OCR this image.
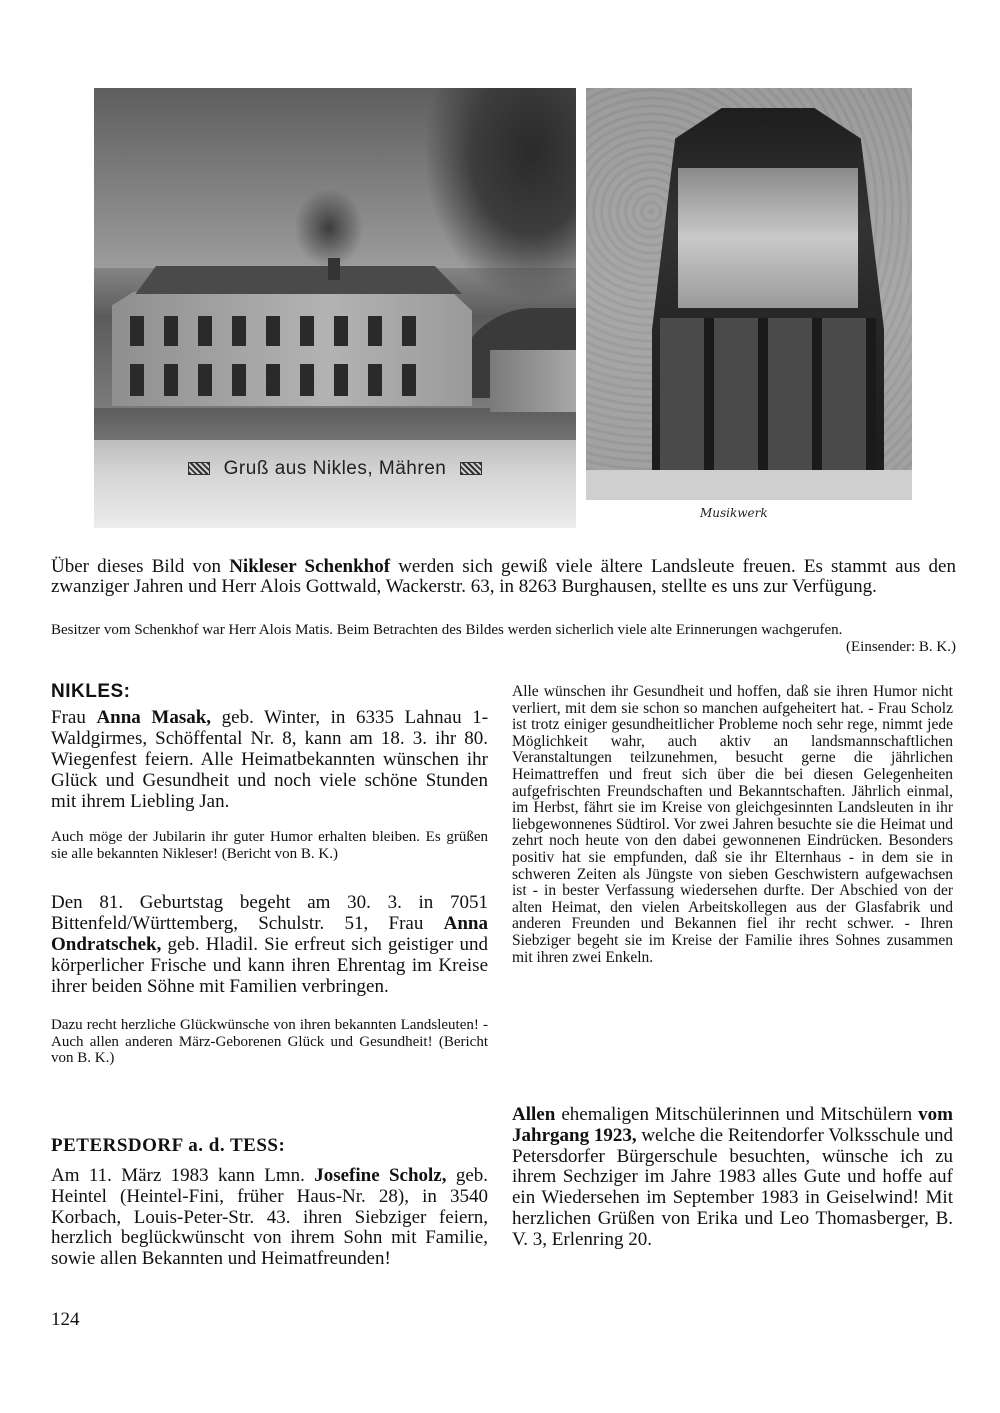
Gruß aus Nikles, Mähren
Musikwerk
Über dieses Bild von Nikleser Schenkhof werden sich gewiß viele ältere Landsleute freuen. Es stammt aus den zwanziger Jahren und Herr Alois Gottwald, Wackerstr. 63, in 8263 Burghausen, stellte es uns zur Verfügung.
Besitzer vom Schenkhof war Herr Alois Matis. Beim Betrachten des Bildes werden sicherlich viele alte Erinnerungen wachgerufen.
(Einsender: B. K.)
NIKLES:
Frau Anna Masak, geb. Winter, in 6335 Lahnau 1-Waldgirmes, Schöffental Nr. 8, kann am 18. 3. ihr 80. Wiegenfest feiern. Alle Heimatbekannten wünschen ihr Glück und Gesundheit und noch viele schöne Stunden mit ihrem Liebling Jan.
Auch möge der Jubilarin ihr guter Humor erhalten bleiben. Es grüßen sie alle bekannten Nikleser! (Bericht von B. K.)
Den 81. Geburtstag begeht am 30. 3. in 7051 Bittenfeld/Württemberg, Schulstr. 51, Frau Anna Ondratschek, geb. Hladil. Sie erfreut sich geistiger und körperlicher Frische und kann ihren Ehrentag im Kreise ihrer beiden Söhne mit Familien verbringen.
Dazu recht herzliche Glückwünsche von ihren bekannten Landsleuten! - Auch allen anderen März-Geborenen Glück und Gesundheit! (Bericht von B. K.)
PETERSDORF a. d. TESS:
Am 11. März 1983 kann Lmn. Josefine Scholz, geb. Heintel (Heintel-Fini, früher Haus-Nr. 28), in 3540 Korbach, Louis-Peter-Str. 43. ihren Siebziger feiern, herzlich beglückwünscht von ihrem Sohn mit Familie, sowie allen Bekannten und Heimatfreunden!
Alle wünschen ihr Gesundheit und hoffen, daß sie ihren Humor nicht verliert, mit dem sie schon so manchen aufgeheitert hat. - Frau Scholz ist trotz einiger gesundheitlicher Probleme noch sehr rege, nimmt jede Möglichkeit wahr, auch aktiv an landsmannschaftlichen Veranstaltungen teilzunehmen, besucht gerne die jährlichen Heimattreffen und freut sich über die bei diesen Gelegenheiten aufgefrischten Freundschaften und Bekanntschaften. Jährlich einmal, im Herbst, fährt sie im Kreise von gleichgesinnten Landsleuten in ihr liebgewonnenes Südtirol. Vor zwei Jahren besuchte sie die Heimat und zehrt noch heute von den dabei gewonnenen Eindrücken. Besonders positiv hat sie empfunden, daß sie ihr Elternhaus - in dem sie in schweren Zeiten als Jüngste von sieben Geschwistern aufgewachsen ist - in bester Verfassung wiedersehen durfte. Der Abschied von der alten Heimat, den vielen Arbeitskollegen aus der Glasfabrik und anderen Freunden und Bekannen fiel ihr recht schwer. - Ihren Siebziger begeht sie im Kreise der Familie ihres Sohnes zusammen mit ihren zwei Enkeln.
Allen ehemaligen Mitschülerinnen und Mitschülern vom Jahrgang 1923, welche die Reitendorfer Volksschule und Petersdorfer Bürgerschule besuchten, wünsche ich zu ihrem Sechziger im Jahre 1983 alles Gute und hoffe auf ein Wiedersehen im September 1983 in Geiselwind! Mit herzlichen Grüßen von Erika und Leo Thomasberger, B. V. 3, Erlenring 20.
124
